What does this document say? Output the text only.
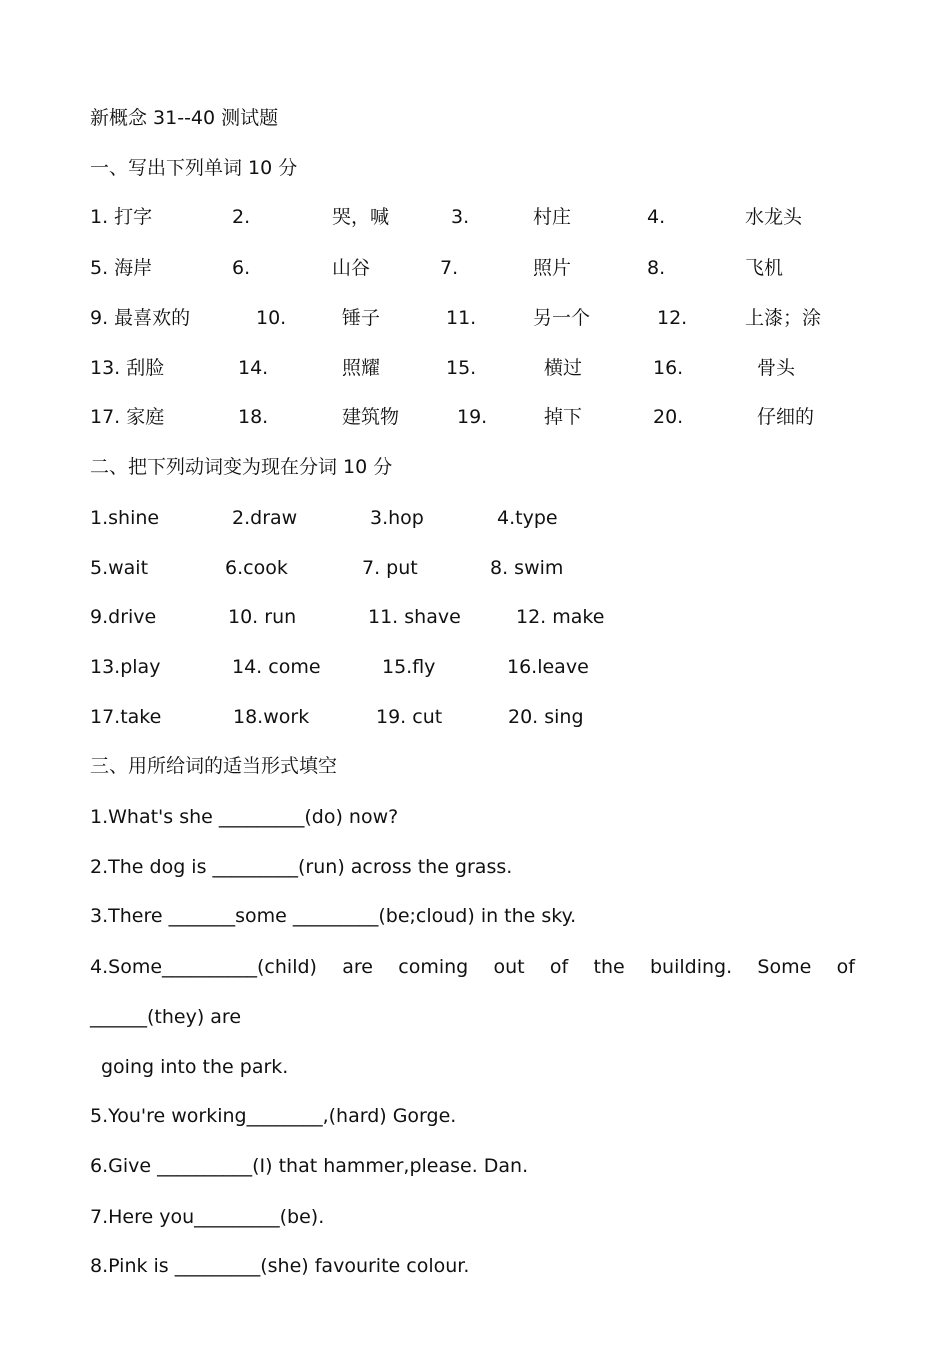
新概念 31--40 测试题
一、写出下列单词 10 分
1. 打字	2.	哭，喊	3.	村庄	4.	水龙头
5. 海岸	6.	山谷	7.	照片	8.	飞机
9. 最喜欢的	10.	锤子	11.	另一个	12.	上漆；涂
13. 刮脸	14.	照耀	15.	横过	16.	骨头
17. 家庭	18.	建筑物	19.	掉下	20.	仔细的
二、把下列动词变为现在分词 10 分
1.shine	2.draw	3.hop	4.type
5.wait	6.cook	7. put	8. swim
9.drive	10. run	11. shave	12. make
13.play	14. come	15.fly	16.leave
17.take	18.work	19. cut	20. sing
三、用所给词的适当形式填空
1.What's she _________(do) now?
2.The dog is _________(run) across the grass.
3.There _______some _________(be;cloud) in the sky.
4.Some__________(child) are coming out of the building. Some of
______(they) are
going into the park.
5.You're working________,(hard) Gorge.
6.Give __________(I) that hammer,please. Dan.
7.Here you_________(be).
8.Pink is _________(she) favourite colour.
